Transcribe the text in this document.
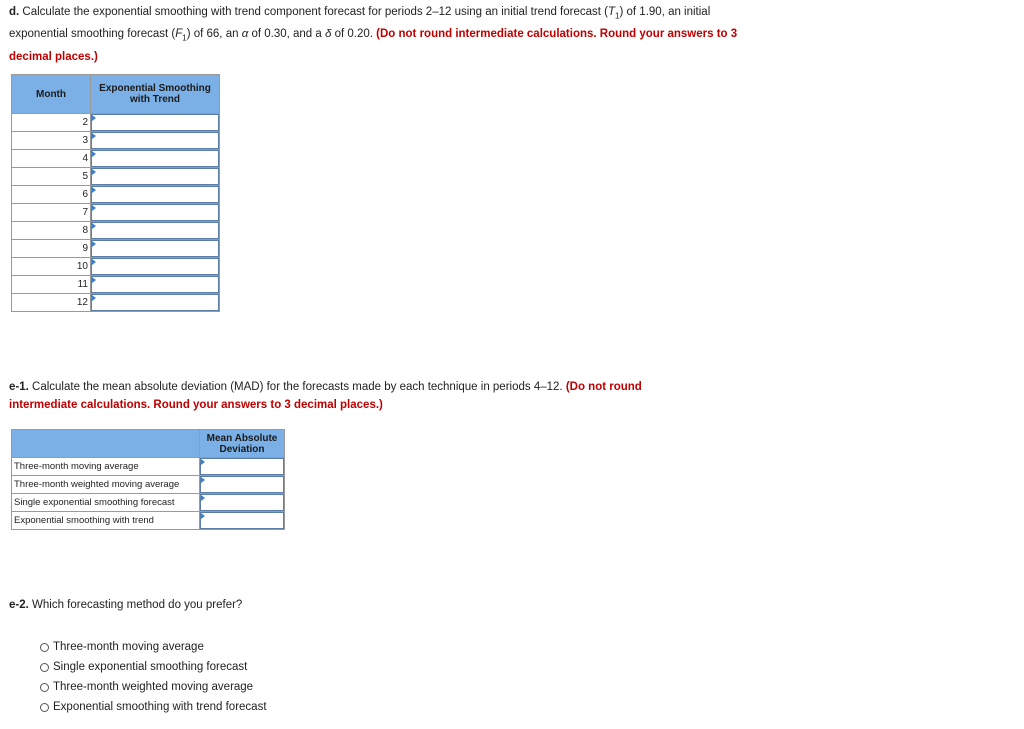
d. Calculate the exponential smoothing with trend component forecast for periods 2–12 using an initial trend forecast $(T_1)$ of 1.90, an initial exponential smoothing forecast $(F_1)$ of 66, an α of 0.30, and a δ of 0.20. (Do not round intermediate calculations. Round your answers to 3 decimal places.)
Month	Exponential Smoothing with Trend
2	

3	

4	

5	

6	

7	

8	

9	

10	

11	

12	
e-1. Calculate the mean absolute deviation (MAD) for the forecasts made by each technique in periods 4–12. (Do not round intermediate calculations. Round your answers to 3 decimal places.)
	Mean Absolute Deviation
Three-month moving average	

Three-month weighted moving average	

Single exponential smoothing forecast	

Exponential smoothing with trend	
e-2. Which forecasting method do you prefer?
Three-month moving average
Single exponential smoothing forecast
Three-month weighted moving average
Exponential smoothing with trend forecast
